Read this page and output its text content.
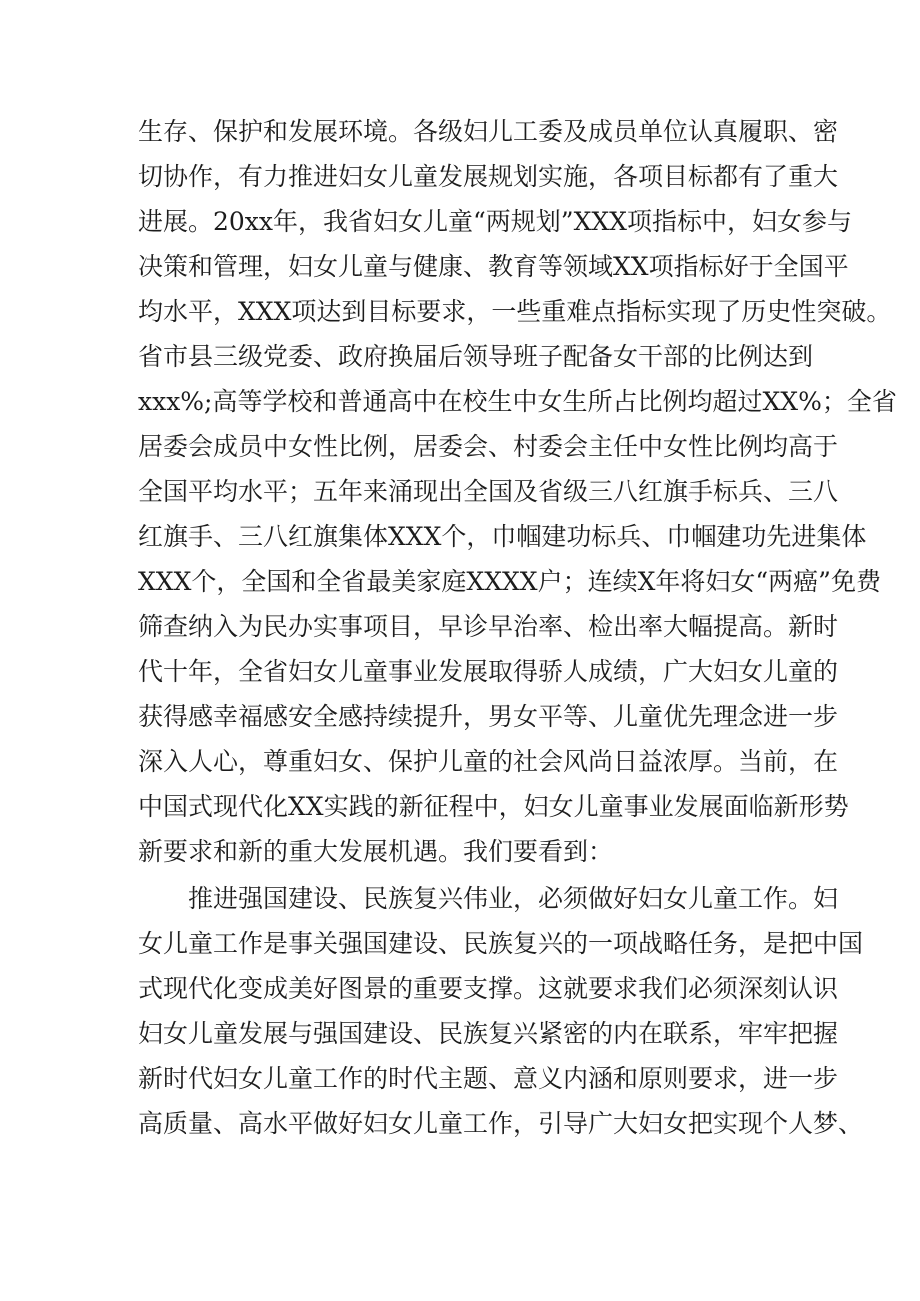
生存、保护和发展环境。各级妇儿工委及成员单位认真履职、密
切协作，有力推进妇女儿童发展规划实施，各项目标都有了重大
进展。20xx年，我省妇女儿童“两规划”XXX项指标中，妇女参与
决策和管理，妇女儿童与健康、教育等领域XX项指标好于全国平
均水平，XXX项达到目标要求，一些重难点指标实现了历史性突破。
省市县三级党委、政府换届后领导班子配备女干部的比例达到
xxx%;高等学校和普通高中在校生中女生所占比例均超过XX%；全省
居委会成员中女性比例，居委会、村委会主任中女性比例均高于
全国平均水平；五年来涌现出全国及省级三八红旗手标兵、三八
红旗手、三八红旗集体XXX个，巾帼建功标兵、巾帼建功先进集体
XXX个，全国和全省最美家庭XXXX户；连续X年将妇女“两癌”免费
筛查纳入为民办实事项目，早诊早治率、检出率大幅提高。新时
代十年，全省妇女儿童事业发展取得骄人成绩，广大妇女儿童的
获得感幸福感安全感持续提升，男女平等、儿童优先理念进一步
深入人心，尊重妇女、保护儿童的社会风尚日益浓厚。当前，在
中国式现代化XX实践的新征程中，妇女儿童事业发展面临新形势
新要求和新的重大发展机遇。我们要看到：
推进强国建设、民族复兴伟业，必须做好妇女儿童工作。妇
女儿童工作是事关强国建设、民族复兴的一项战略任务，是把中国
式现代化变成美好图景的重要支撑。这就要求我们必须深刻认识
妇女儿童发展与强国建设、民族复兴紧密的内在联系，牢牢把握
新时代妇女儿童工作的时代主题、意义内涵和原则要求，进一步
高质量、高水平做好妇女儿童工作，引导广大妇女把实现个人梦、
